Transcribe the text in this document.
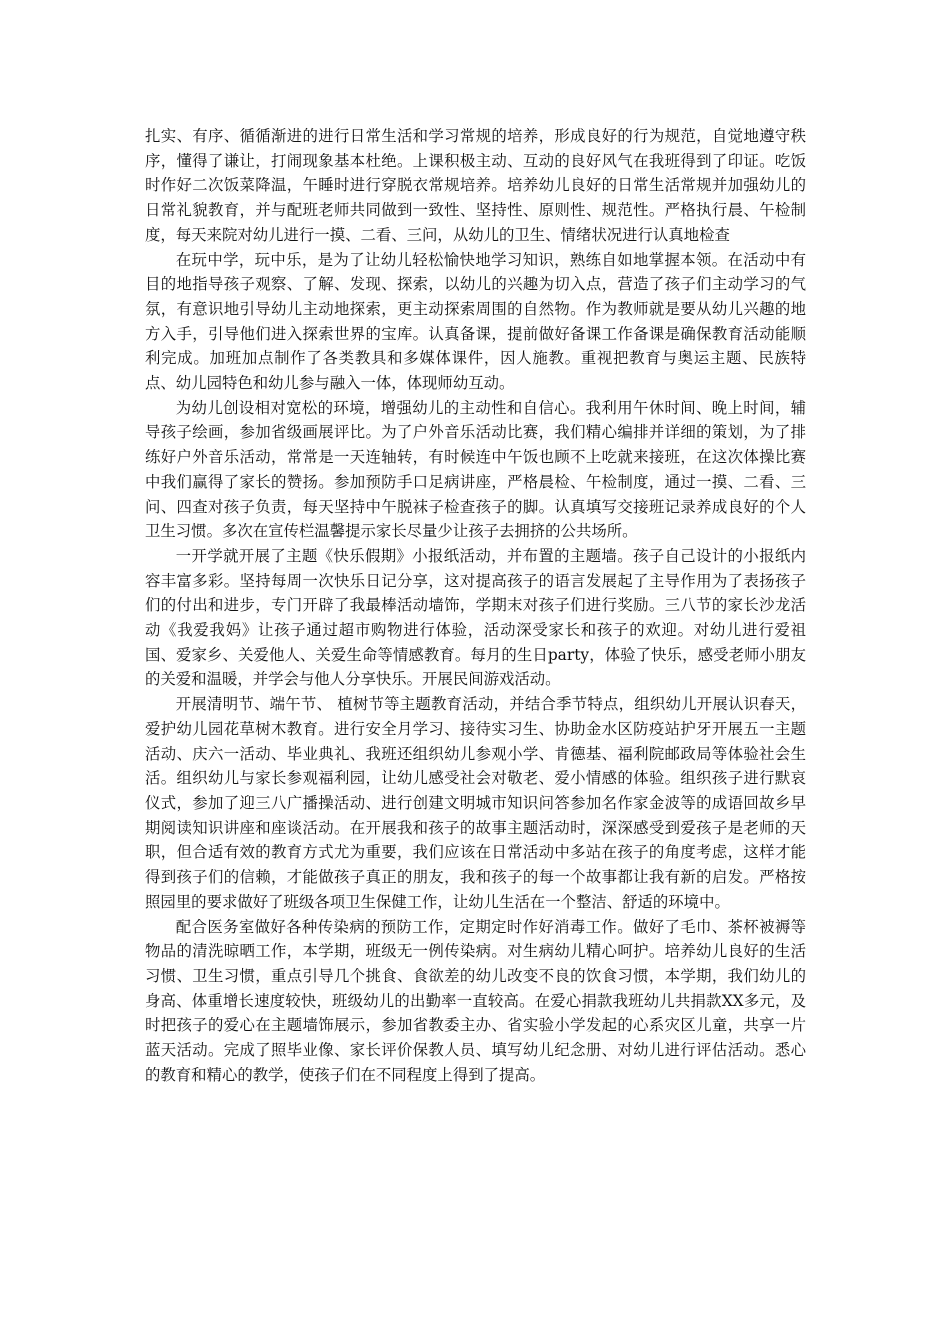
扎实、有序、循循渐进的进行日常生活和学习常规的培养，形成良好的行为规范，自觉地遵守秩序，懂得了谦让，打闹现象基本杜绝。上课积极主动、互动的良好风气在我班得到了印证。吃饭时作好二次饭菜降温，午睡时进行穿脱衣常规培养。培养幼儿良好的日常生活常规并加强幼儿的日常礼貌教育，并与配班老师共同做到一致性、坚持性、原则性、规范性。严格执行晨、午检制度，每天来院对幼儿进行一摸、二看、三问，从幼儿的卫生、情绪状况进行认真地检查

在玩中学，玩中乐，是为了让幼儿轻松愉快地学习知识，熟练自如地掌握本领。在活动中有目的地指导孩子观察、了解、发现、探索，以幼儿的兴趣为切入点，营造了孩子们主动学习的气氛，有意识地引导幼儿主动地探索，更主动探索周围的自然物。作为教师就是要从幼儿兴趣的地方入手，引导他们进入探索世界的宝库。认真备课，提前做好备课工作备课是确保教育活动能顺利完成。加班加点制作了各类教具和多媒体课件，因人施教。重视把教育与奥运主题、民族特点、幼儿园特色和幼儿参与融入一体，体现师幼互动。

为幼儿创设相对宽松的环境，增强幼儿的主动性和自信心。我利用午休时间、晚上时间，辅导孩子绘画，参加省级画展评比。为了户外音乐活动比赛，我们精心编排并详细的策划，为了排练好户外音乐活动，常常是一天连轴转，有时候连中午饭也顾不上吃就来接班，在这次体操比赛中我们赢得了家长的赞扬。参加预防手口足病讲座，严格晨检、午检制度，通过一摸、二看、三问、四查对孩子负责，每天坚持中午脱袜子检查孩子的脚。认真填写交接班记录养成良好的个人卫生习惯。多次在宣传栏温馨提示家长尽量少让孩子去拥挤的公共场所。

一开学就开展了主题《快乐假期》小报纸活动，并布置的主题墙。孩子自己设计的小报纸内容丰富多彩。坚持每周一次快乐日记分享，这对提高孩子的语言发展起了主导作用为了表扬孩子们的付出和进步，专门开辟了我最棒活动墙饰，学期末对孩子们进行奖励。三八节的家长沙龙活动《我爱我妈》让孩子通过超市购物进行体验，活动深受家长和孩子的欢迎。对幼儿进行爱祖国、爱家乡、关爱他人、关爱生命等情感教育。每月的生日party，体验了快乐，感受老师小朋友的关爱和温暖，并学会与他人分享快乐。开展民间游戏活动。

开展清明节、端午节、 植树节等主题教育活动，并结合季节特点，组织幼儿开展认识春天，爱护幼儿园花草树木教育。进行安全月学习、接待实习生、协助金水区防疫站护牙开展五一主题活动、庆六一活动、毕业典礼、我班还组织幼儿参观小学、肯德基、福利院邮政局等体验社会生活。组织幼儿与家长参观福利园，让幼儿感受社会对敬老、爱小情感的体验。组织孩子进行默哀仪式，参加了迎三八广播操活动、进行创建文明城市知识问答参加名作家金波等的成语回故乡早期阅读知识讲座和座谈活动。在开展我和孩子的故事主题活动时，深深感受到爱孩子是老师的天职，但合适有效的教育方式尤为重要，我们应该在日常活动中多站在孩子的角度考虑，这样才能得到孩子们的信赖，才能做孩子真正的朋友，我和孩子的每一个故事都让我有新的启发。严格按照园里的要求做好了班级各项卫生保健工作，让幼儿生活在一个整洁、舒适的环境中。

配合医务室做好各种传染病的预防工作，定期定时作好消毒工作。做好了毛巾、茶杯被褥等物品的清洗晾晒工作，本学期，班级无一例传染病。对生病幼儿精心呵护。培养幼儿良好的生活习惯、卫生习惯，重点引导几个挑食、食欲差的幼儿改变不良的饮食习惯，本学期，我们幼儿的身高、体重增长速度较快，班级幼儿的出勤率一直较高。在爱心捐款我班幼儿共捐款XX多元，及时把孩子的爱心在主题墙饰展示，参加省教委主办、省实验小学发起的心系灾区儿童，共享一片蓝天活动。完成了照毕业像、家长评价保教人员、填写幼儿纪念册、对幼儿进行评估活动。悉心的教育和精心的教学，使孩子们在不同程度上得到了提高。
